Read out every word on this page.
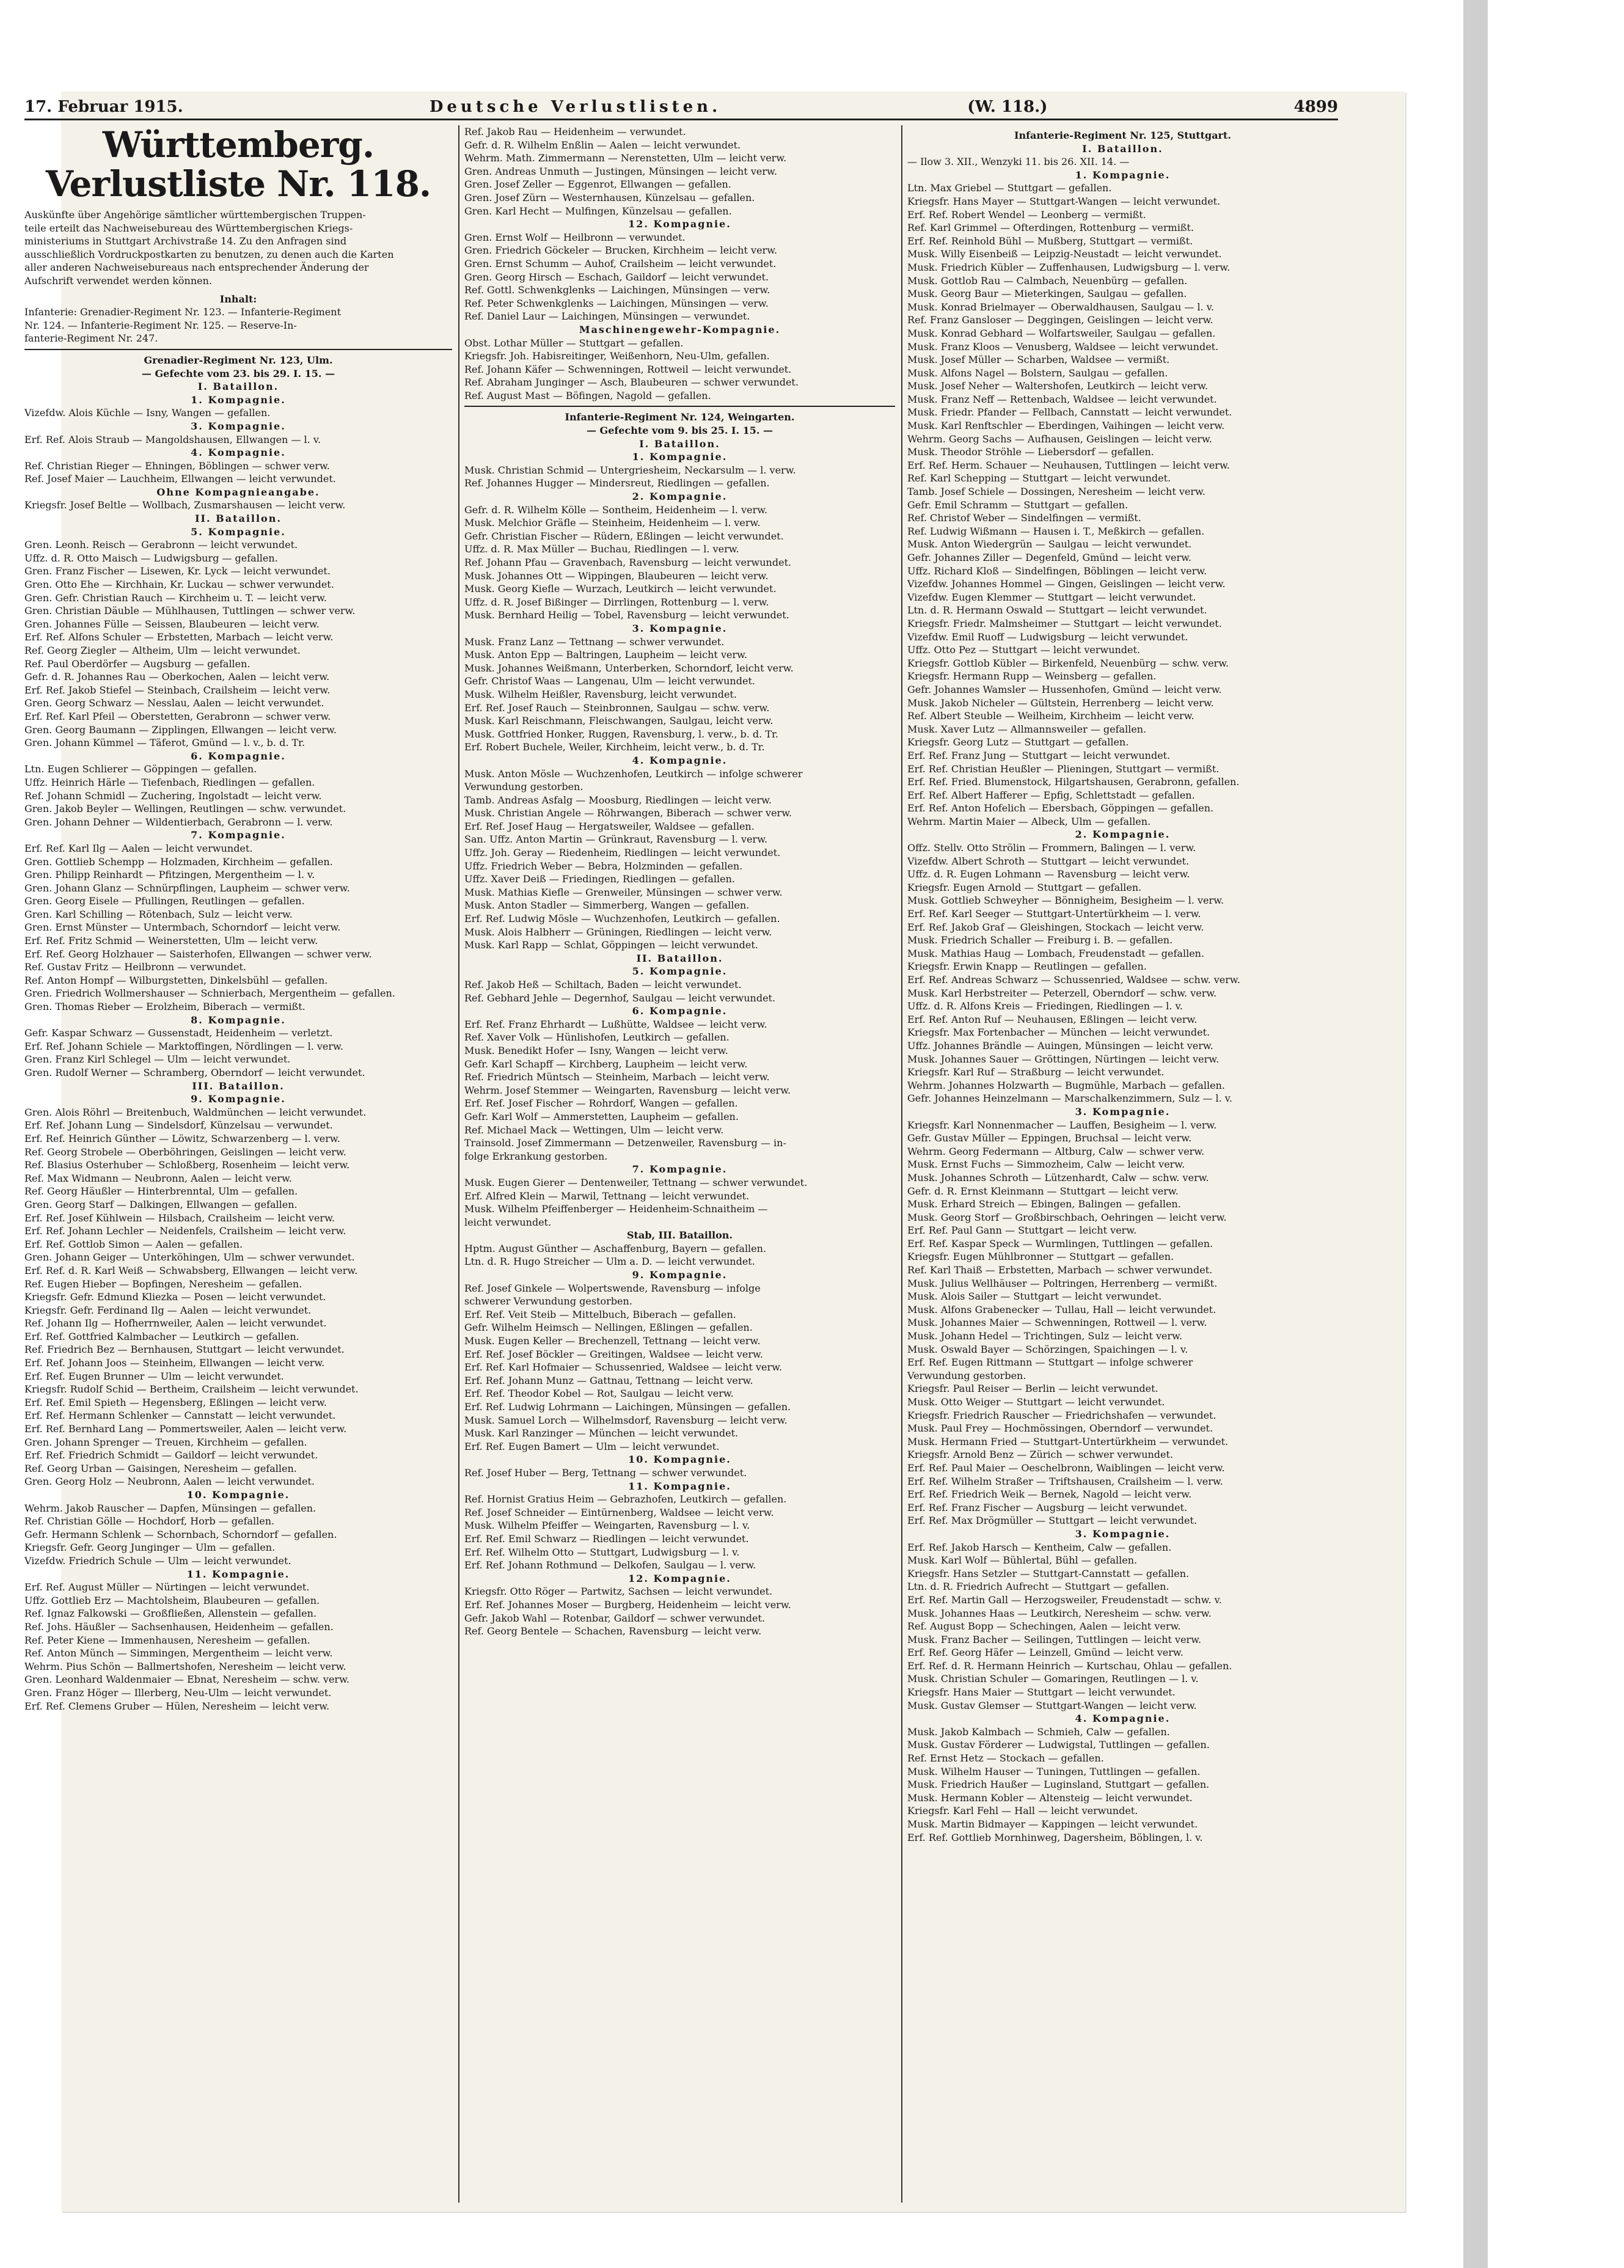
17. Februar 1915.	Deutsche Verlustlisten.	(W. 118.)	4899
Württemberg. Verlustliste Nr. 118.
Auskünfte über Angehörige sämtlicher württembergischen Truppen-
teile erteilt das Nachweisebureau des Württembergischen Kriegs-
ministeriums in Stuttgart Archivstraße 14. Zu den Anfragen sind
ausschließlich Vordruckpostkarten zu benutzen, zu denen auch die Karten
aller anderen Nachweisebureaus nach entsprechender Änderung der
Aufschrift verwendet werden können.
Inhalt:
Infanterie: Grenadier-Regiment Nr. 123. — Infanterie-Regiment
Nr. 124. — Infanterie-Regiment Nr. 125. — Reserve-In-
fanterie-Regiment Nr. 247.
Grenadier-Regiment Nr. 123, Ulm.
— Gefechte vom 23. bis 29. I. 15. —
I. Bataillon.
1. Kompagnie.
Vizefdw. Alois Küchle — Isny, Wangen — gefallen.
3. Kompagnie.
Erf. Ref. Alois Straub — Mangoldshausen, Ellwangen — l. v.
4. Kompagnie.
Ref. Christian Rieger — Ehningen, Böblingen — schwer verw.
Ref. Josef Maier — Lauchheim, Ellwangen — leicht verwundet.
Ohne Kompagnieangabe.
Kriegsfr. Josef Beltle — Wollbach, Zusmarshausen — leicht verw.
II. Bataillon.
5. Kompagnie.
Gren. Leonh. Reisch — Gerabronn — leicht verwundet.
Uffz. d. R. Otto Maisch — Ludwigsburg — gefallen.
Gren. Franz Fischer — Lisewen, Kr. Lyck — leicht verwundet.
Gren. Otto Ehe — Kirchhain, Kr. Luckau — schwer verwundet.
Gren. Gefr. Christian Rauch — Kirchheim u. T. — leicht verw.
Gren. Christian Däuble — Mühlhausen, Tuttlingen — schwer verw.
Gren. Johannes Fülle — Seissen, Blaubeuren — leicht verw.
Erf. Ref. Alfons Schuler — Erbstetten, Marbach — leicht verw.
Ref. Georg Ziegler — Altheim, Ulm — leicht verwundet.
Ref. Paul Oberdörfer — Augsburg — gefallen.
Gefr. d. R. Johannes Rau — Oberkochen, Aalen — leicht verw.
Erf. Ref. Jakob Stiefel — Steinbach, Crailsheim — leicht verw.
Gren. Georg Schwarz — Nesslau, Aalen — leicht verwundet.
Erf. Ref. Karl Pfeil — Oberstetten, Gerabronn — schwer verw.
Gren. Georg Baumann — Zipplingen, Ellwangen — leicht verw.
Gren. Johann Kümmel — Täferot, Gmünd — l. v., b. d. Tr.
6. Kompagnie.
Ltn. Eugen Schlierer — Göppingen — gefallen.
Uffz. Heinrich Härle — Tiefenbach, Riedlingen — gefallen.
Ref. Johann Schmidl — Zuchering, Ingolstadt — leicht verw.
Gren. Jakob Beyler — Wellingen, Reutlingen — schw. verwundet.
Gren. Johann Dehner — Wildentierbach, Gerabronn — l. verw.
7. Kompagnie.
Erf. Ref. Karl Ilg — Aalen — leicht verwundet.
Gren. Gottlieb Schempp — Holzmaden, Kirchheim — gefallen.
Gren. Philipp Reinhardt — Pfitzingen, Mergentheim — l. v.
Gren. Johann Glanz — Schnürpflingen, Laupheim — schwer verw.
Gren. Georg Eisele — Pfullingen, Reutlingen — gefallen.
Gren. Karl Schilling — Rötenbach, Sulz — leicht verw.
Gren. Ernst Münster — Untermbach, Schorndorf — leicht verw.
Erf. Ref. Fritz Schmid — Weinerstetten, Ulm — leicht verw.
Erf. Ref. Georg Holzhauer — Saisterhofen, Ellwangen — schwer verw.
Ref. Gustav Fritz — Heilbronn — verwundet.
Ref. Anton Hompf — Wilburgstetten, Dinkelsbühl — gefallen.
Gren. Friedrich Wollmershauser — Schnierbach, Mergentheim — gefallen.
Gren. Thomas Rieber — Erolzheim, Biberach — vermißt.
8. Kompagnie.
Gefr. Kaspar Schwarz — Gussenstadt, Heidenheim — verletzt.
Erf. Ref. Johann Schiele — Marktoffingen, Nördlingen — l. verw.
Gren. Franz Kirl Schlegel — Ulm — leicht verwundet.
Gren. Rudolf Werner — Schramberg, Oberndorf — leicht verwundet.
III. Bataillon.
9. Kompagnie.
Gren. Alois Röhrl — Breitenbuch, Waldmünchen — leicht verwundet.
Erf. Ref. Johann Lung — Sindelsdorf, Künzelsau — verwundet.
Erf. Ref. Heinrich Günther — Löwitz, Schwarzenberg — l. verw.
Ref. Georg Strobele — Oberböhringen, Geislingen — leicht verw.
Ref. Blasius Osterhuber — Schloßberg, Rosenheim — leicht verw.
Ref. Max Widmann — Neubronn, Aalen — leicht verw.
Ref. Georg Häußler — Hinterbrenntal, Ulm — gefallen.
Gren. Georg Starf — Dalkingen, Ellwangen — gefallen.
Erf. Ref. Josef Kühlwein — Hilsbach, Crailsheim — leicht verw.
Erf. Ref. Johann Lechler — Neidenfels, Crailsheim — leicht verw.
Erf. Ref. Gottlob Simon — Aalen — gefallen.
Gren. Johann Geiger — Unterköhingen, Ulm — schwer verwundet.
Erf. Ref. d. R. Karl Weiß — Schwabsberg, Ellwangen — leicht verw.
Ref. Eugen Hieber — Bopfingen, Neresheim — gefallen.
Kriegsfr. Gefr. Edmund Kliezka — Posen — leicht verwundet.
Kriegsfr. Gefr. Ferdinand Ilg — Aalen — leicht verwundet.
Ref. Johann Ilg — Hofherrnweiler, Aalen — leicht verwundet.
Erf. Ref. Gottfried Kalmbacher — Leutkirch — gefallen.
Ref. Friedrich Bez — Bernhausen, Stuttgart — leicht verwundet.
Erf. Ref. Johann Joos — Steinheim, Ellwangen — leicht verw.
Erf. Ref. Eugen Brunner — Ulm — leicht verwundet.
Kriegsfr. Rudolf Schid — Bertheim, Crailsheim — leicht verwundet.
Erf. Ref. Emil Spieth — Hegensberg, Eßlingen — leicht verw.
Erf. Ref. Hermann Schlenker — Cannstatt — leicht verwundet.
Erf. Ref. Bernhard Lang — Pommertsweiler, Aalen — leicht verw.
Gren. Johann Sprenger — Treuen, Kirchheim — gefallen.
Erf. Ref. Friedrich Schmidt — Gaildorf — leicht verwundet.
Ref. Georg Urban — Gaisingen, Neresheim — gefallen.
Gren. Georg Holz — Neubronn, Aalen — leicht verwundet.
10. Kompagnie.
Wehrm. Jakob Rauscher — Dapfen, Münsingen — gefallen.
Ref. Christian Gölle — Hochdorf, Horb — gefallen.
Gefr. Hermann Schlenk — Schornbach, Schorndorf — gefallen.
Kriegsfr. Gefr. Georg Junginger — Ulm — gefallen.
Vizefdw. Friedrich Schule — Ulm — leicht verwundet.
11. Kompagnie.
Erf. Ref. August Müller — Nürtingen — leicht verwundet.
Uffz. Gottlieb Erz — Machtolsheim, Blaubeuren — gefallen.
Ref. Ignaz Falkowski — Großfließen, Allenstein — gefallen.
Ref. Johs. Häußler — Sachsenhausen, Heidenheim — gefallen.
Ref. Peter Kiene — Immenhausen, Neresheim — gefallen.
Ref. Anton Münch — Simmingen, Mergentheim — leicht verw.
Wehrm. Pius Schön — Ballmertshofen, Neresheim — leicht verw.
Gren. Leonhard Waldenmaier — Ebnat, Neresheim — schw. verw.
Gren. Franz Höger — Illerberg, Neu-Ulm — leicht verwundet.
Erf. Ref. Clemens Gruber — Hülen, Neresheim — leicht verw.
Ref. Jakob Rau — Heidenheim — verwundet.
Gefr. d. R. Wilhelm Enßlin — Aalen — leicht verwundet.
Wehrm. Math. Zimmermann — Nerenstetten, Ulm — leicht verw.
Gren. Andreas Unmuth — Justingen, Münsingen — leicht verw.
Gren. Josef Zeller — Eggenrot, Ellwangen — gefallen.
Gren. Josef Zürn — Westernhausen, Künzelsau — gefallen.
Gren. Karl Hecht — Mulfingen, Künzelsau — gefallen.
12. Kompagnie.
Gren. Ernst Wolf — Heilbronn — verwundet.
Gren. Friedrich Göckeler — Brucken, Kirchheim — leicht verw.
Gren. Ernst Schumm — Auhof, Crailsheim — leicht verwundet.
Gren. Georg Hirsch — Eschach, Gaildorf — leicht verwundet.
Ref. Gottl. Schwenkglenks — Laichingen, Münsingen — verw.
Ref. Peter Schwenkglenks — Laichingen, Münsingen — verw.
Ref. Daniel Laur — Laichingen, Münsingen — verwundet.
Maschinengewehr-Kompagnie.
Obst. Lothar Müller — Stuttgart — gefallen.
Kriegsfr. Joh. Habisreitinger, Weißenhorn, Neu-Ulm, gefallen.
Ref. Johann Käfer — Schwenningen, Rottweil — leicht verwundet.
Ref. Abraham Junginger — Asch, Blaubeuren — schwer verwundet.
Ref. August Mast — Böfingen, Nagold — gefallen.
Infanterie-Regiment Nr. 124, Weingarten.
— Gefechte vom 9. bis 25. I. 15. —
I. Bataillon.
1. Kompagnie.
Musk. Christian Schmid — Untergriesheim, Neckarsulm — l. verw.
Ref. Johannes Hugger — Mindersreut, Riedlingen — gefallen.
2. Kompagnie.
Gefr. d. R. Wilhelm Kölle — Sontheim, Heidenheim — l. verw.
Musk. Melchior Gräfle — Steinheim, Heidenheim — l. verw.
Gefr. Christian Fischer — Rüdern, Eßlingen — leicht verwundet.
Uffz. d. R. Max Müller — Buchau, Riedlingen — l. verw.
Ref. Johann Pfau — Gravenbach, Ravensburg — leicht verwundet.
Musk. Johannes Ott — Wippingen, Blaubeuren — leicht verw.
Musk. Georg Kiefle — Wurzach, Leutkirch — leicht verwundet.
Uffz. d. R. Josef Bißinger — Dirrlingen, Rottenburg — l. verw.
Musk. Bernhard Heilig — Tobel, Ravensburg — leicht verwundet.
3. Kompagnie.
Musk. Franz Lanz — Tettnang — schwer verwundet.
Musk. Anton Epp — Baltringen, Laupheim — leicht verw.
Musk. Johannes Weißmann, Unterberken, Schorndorf, leicht verw.
Gefr. Christof Waas — Langenau, Ulm — leicht verwundet.
Musk. Wilhelm Heißler, Ravensburg, leicht verwundet.
Erf. Ref. Josef Rauch — Steinbronnen, Saulgau — schw. verw.
Musk. Karl Reischmann, Fleischwangen, Saulgau, leicht verw.
Musk. Gottfried Honker, Ruggen, Ravensburg, l. verw., b. d. Tr.
Erf. Robert Buchele, Weiler, Kirchheim, leicht verw., b. d. Tr.
4. Kompagnie.
Musk. Anton Mösle — Wuchzenhofen, Leutkirch — infolge schwerer
Verwundung gestorben.
Tamb. Andreas Asfalg — Moosburg, Riedlingen — leicht verw.
Musk. Christian Angele — Röhrwangen, Biberach — schwer verw.
Erf. Ref. Josef Haug — Hergatsweiler, Waldsee — gefallen.
San. Uffz. Anton Martin — Grünkraut, Ravensburg — l. verw.
Uffz. Joh. Geray — Riedenheim, Riedlingen — leicht verwundet.
Uffz. Friedrich Weber — Bebra, Holzminden — gefallen.
Uffz. Xaver Deiß — Friedingen, Riedlingen — gefallen.
Musk. Mathias Kiefle — Grenweiler, Münsingen — schwer verw.
Musk. Anton Stadler — Simmerberg, Wangen — gefallen.
Erf. Ref. Ludwig Mösle — Wuchzenhofen, Leutkirch — gefallen.
Musk. Alois Halbherr — Grüningen, Riedlingen — leicht verw.
Musk. Karl Rapp — Schlat, Göppingen — leicht verwundet.
II. Bataillon.
5. Kompagnie.
Ref. Jakob Heß — Schiltach, Baden — leicht verwundet.
Ref. Gebhard Jehle — Degernhof, Saulgau — leicht verwundet.
6. Kompagnie.
Erf. Ref. Franz Ehrhardt — Lußhütte, Waldsee — leicht verw.
Ref. Xaver Volk — Hünlishofen, Leutkirch — gefallen.
Musk. Benedikt Hofer — Isny, Wangen — leicht verw.
Gefr. Karl Schapff — Kirchberg, Laupheim — leicht verw.
Ref. Friedrich Müntsch — Steinheim, Marbach — leicht verw.
Wehrm. Josef Stemmer — Weingarten, Ravensburg — leicht verw.
Erf. Ref. Josef Fischer — Rohrdorf, Wangen — gefallen.
Gefr. Karl Wolf — Ammerstetten, Laupheim — gefallen.
Ref. Michael Mack — Wettingen, Ulm — leicht verw.
Trainsold. Josef Zimmermann — Detzenweiler, Ravensburg — in-
folge Erkrankung gestorben.
7. Kompagnie.
Musk. Eugen Gierer — Dentenweiler, Tettnang — schwer verwundet.
Erf. Alfred Klein — Marwil, Tettnang — leicht verwundet.
Musk. Wilhelm Pfeiffenberger — Heidenheim-Schnaitheim —
leicht verwundet.
Stab, III. Bataillon.
Hptm. August Günther — Aschaffenburg, Bayern — gefallen.
Ltn. d. R. Hugo Streicher — Ulm a. D. — leicht verwundet.
9. Kompagnie.
Ref. Josef Ginkele — Wolpertswende, Ravensburg — infolge
schwerer Verwundung gestorben.
Erf. Ref. Veit Steib — Mittelbuch, Biberach — gefallen.
Gefr. Wilhelm Heimsch — Nellingen, Eßlingen — gefallen.
Musk. Eugen Keller — Brechenzell, Tettnang — leicht verw.
Erf. Ref. Josef Böckler — Greitingen, Waldsee — leicht verw.
Erf. Ref. Karl Hofmaier — Schussenried, Waldsee — leicht verw.
Erf. Ref. Johann Munz — Gattnau, Tettnang — leicht verw.
Erf. Ref. Theodor Kobel — Rot, Saulgau — leicht verw.
Erf. Ref. Ludwig Lohrmann — Laichingen, Münsingen — gefallen.
Musk. Samuel Lorch — Wilhelmsdorf, Ravensburg — leicht verw.
Musk. Karl Ranzinger — München — leicht verwundet.
Erf. Ref. Eugen Bamert — Ulm — leicht verwundet.
10. Kompagnie.
Ref. Josef Huber — Berg, Tettnang — schwer verwundet.
11. Kompagnie.
Ref. Hornist Gratius Heim — Gebrazhofen, Leutkirch — gefallen.
Ref. Josef Schneider — Eintürnenberg, Waldsee — leicht verw.
Musk. Wilhelm Pfeiffer — Weingarten, Ravensburg — l. v.
Erf. Ref. Emil Schwarz — Riedlingen — leicht verwundet.
Erf. Ref. Wilhelm Otto — Stuttgart, Ludwigsburg — l. v.
Erf. Ref. Johann Rothmund — Delkofen, Saulgau — l. verw.
12. Kompagnie.
Kriegsfr. Otto Röger — Partwitz, Sachsen — leicht verwundet.
Erf. Ref. Johannes Moser — Burgberg, Heidenheim — leicht verw.
Gefr. Jakob Wahl — Rotenbar, Gaildorf — schwer verwundet.
Ref. Georg Bentele — Schachen, Ravensburg — leicht verw.
Infanterie-Regiment Nr. 125, Stuttgart.
I. Bataillon.
— Ilow 3. XII., Wenzyki 11. bis 26. XII. 14. —
1. Kompagnie.
Ltn. Max Griebel — Stuttgart — gefallen.
Kriegsfr. Hans Mayer — Stuttgart-Wangen — leicht verwundet.
Erf. Ref. Robert Wendel — Leonberg — vermißt.
Ref. Karl Grimmel — Ofterdingen, Rottenburg — vermißt.
Erf. Ref. Reinhold Bühl — Mußberg, Stuttgart — vermißt.
Musk. Willy Eisenbeiß — Leipzig-Neustadt — leicht verwundet.
Musk. Friedrich Kübler — Zuffenhausen, Ludwigsburg — l. verw.
Musk. Gottlob Rau — Calmbach, Neuenbürg — gefallen.
Musk. Georg Baur — Mieterkingen, Saulgau — gefallen.
Musk. Konrad Brielmayer — Oberwaldhausen, Saulgau — l. v.
Ref. Franz Gansloser — Deggingen, Geislingen — leicht verw.
Musk. Konrad Gebhard — Wolfartsweiler, Saulgau — gefallen.
Musk. Franz Kloos — Venusberg, Waldsee — leicht verwundet.
Musk. Josef Müller — Scharben, Waldsee — vermißt.
Musk. Alfons Nagel — Bolstern, Saulgau — gefallen.
Musk. Josef Neher — Waltershofen, Leutkirch — leicht verw.
Musk. Franz Neff — Rettenbach, Waldsee — leicht verwundet.
Musk. Friedr. Pfander — Fellbach, Cannstatt — leicht verwundet.
Musk. Karl Renftschler — Eberdingen, Vaihingen — leicht verw.
Wehrm. Georg Sachs — Aufhausen, Geislingen — leicht verw.
Musk. Theodor Ströhle — Liebersdorf — gefallen.
Erf. Ref. Herm. Schauer — Neuhausen, Tuttlingen — leicht verw.
Ref. Karl Schepping — Stuttgart — leicht verwundet.
Tamb. Josef Schiele — Dossingen, Neresheim — leicht verw.
Gefr. Emil Schramm — Stuttgart — gefallen.
Ref. Christof Weber — Sindelfingen — vermißt.
Ref. Ludwig Wißmann — Hausen i. T., Meßkirch — gefallen.
Musk. Anton Wiedergrün — Saulgau — leicht verwundet.
Gefr. Johannes Ziller — Degenfeld, Gmünd — leicht verw.
Uffz. Richard Kloß — Sindelfingen, Böblingen — leicht verw.
Vizefdw. Johannes Hommel — Gingen, Geislingen — leicht verw.
Vizefdw. Eugen Klemmer — Stuttgart — leicht verwundet.
Ltn. d. R. Hermann Oswald — Stuttgart — leicht verwundet.
Kriegsfr. Friedr. Malmsheimer — Stuttgart — leicht verwundet.
Vizefdw. Emil Ruoff — Ludwigsburg — leicht verwundet.
Uffz. Otto Pez — Stuttgart — leicht verwundet.
Kriegsfr. Gottlob Kübler — Birkenfeld, Neuenbürg — schw. verw.
Kriegsfr. Hermann Rupp — Weinsberg — gefallen.
Gefr. Johannes Wamsler — Hussenhofen, Gmünd — leicht verw.
Musk. Jakob Nicheler — Gültstein, Herrenberg — leicht verw.
Ref. Albert Steuble — Weilheim, Kirchheim — leicht verw.
Musk. Xaver Lutz — Allmannsweiler — gefallen.
Kriegsfr. Georg Lutz — Stuttgart — gefallen.
Erf. Ref. Franz Jung — Stuttgart — leicht verwundet.
Erf. Ref. Christian Heußler — Plieningen, Stuttgart — vermißt.
Erf. Ref. Fried. Blumenstock, Hilgartshausen, Gerabronn, gefallen.
Erf. Ref. Albert Hafferer — Epfig, Schlettstadt — gefallen.
Erf. Ref. Anton Hofelich — Ebersbach, Göppingen — gefallen.
Wehrm. Martin Maier — Albeck, Ulm — gefallen.
2. Kompagnie.
Offz. Stellv. Otto Strölin — Frommern, Balingen — l. verw.
Vizefdw. Albert Schroth — Stuttgart — leicht verwundet.
Uffz. d. R. Eugen Lohmann — Ravensburg — leicht verw.
Kriegsfr. Eugen Arnold — Stuttgart — gefallen.
Musk. Gottlieb Schweyher — Bönnigheim, Besigheim — l. verw.
Erf. Ref. Karl Seeger — Stuttgart-Untertürkheim — l. verw.
Erf. Ref. Jakob Graf — Gleishingen, Stockach — leicht verw.
Musk. Friedrich Schaller — Freiburg i. B. — gefallen.
Musk. Mathias Haug — Lombach, Freudenstadt — gefallen.
Kriegsfr. Erwin Knapp — Reutlingen — gefallen.
Erf. Ref. Andreas Schwarz — Schussenried, Waldsee — schw. verw.
Musk. Karl Herbstreiter — Peterzell, Oberndorf — schw. verw.
Uffz. d. R. Alfons Kreis — Friedingen, Riedlingen — l. v.
Erf. Ref. Anton Ruf — Neuhausen, Eßlingen — leicht verw.
Kriegsfr. Max Fortenbacher — München — leicht verwundet.
Uffz. Johannes Brändle — Auingen, Münsingen — leicht verw.
Musk. Johannes Sauer — Gröttingen, Nürtingen — leicht verw.
Kriegsfr. Karl Ruf — Straßburg — leicht verwundet.
Wehrm. Johannes Holzwarth — Bugmühle, Marbach — gefallen.
Gefr. Johannes Heinzelmann — Marschalkenzimmern, Sulz — l. v.
3. Kompagnie.
Kriegsfr. Karl Nonnenmacher — Lauffen, Besigheim — l. verw.
Gefr. Gustav Müller — Eppingen, Bruchsal — leicht verw.
Wehrm. Georg Federmann — Altburg, Calw — schwer verw.
Musk. Ernst Fuchs — Simmozheim, Calw — leicht verw.
Musk. Johannes Schroth — Lützenhardt, Calw — schw. verw.
Gefr. d. R. Ernst Kleinmann — Stuttgart — leicht verw.
Musk. Erhard Streich — Ebingen, Balingen — gefallen.
Musk. Georg Storf — Großbirschbach, Oehringen — leicht verw.
Erf. Ref. Paul Gann — Stuttgart — leicht verw.
Erf. Ref. Kaspar Speck — Wurmlingen, Tuttlingen — gefallen.
Kriegsfr. Eugen Mühlbronner — Stuttgart — gefallen.
Ref. Karl Thaiß — Erbstetten, Marbach — schwer verwundet.
Musk. Julius Wellhäuser — Poltringen, Herrenberg — vermißt.
Musk. Alois Sailer — Stuttgart — leicht verwundet.
Musk. Alfons Grabenecker — Tullau, Hall — leicht verwundet.
Musk. Johannes Maier — Schwenningen, Rottweil — l. verw.
Musk. Johann Hedel — Trichtingen, Sulz — leicht verw.
Musk. Oswald Bayer — Schörzingen, Spaichingen — l. v.
Erf. Ref. Eugen Rittmann — Stuttgart — infolge schwerer
Verwundung gestorben.
Kriegsfr. Paul Reiser — Berlin — leicht verwundet.
Musk. Otto Weiger — Stuttgart — leicht verwundet.
Kriegsfr. Friedrich Rauscher — Friedrichshafen — verwundet.
Musk. Paul Frey — Hochmössingen, Oberndorf — verwundet.
Musk. Hermann Fried — Stuttgart-Untertürkheim — verwundet.
Kriegsfr. Arnold Benz — Zürich — schwer verwundet.
Erf. Ref. Paul Maier — Oeschelbronn, Waiblingen — leicht verw.
Erf. Ref. Wilhelm Straßer — Triftshausen, Crailsheim — l. verw.
Erf. Ref. Friedrich Weik — Bernek, Nagold — leicht verw.
Erf. Ref. Franz Fischer — Augsburg — leicht verwundet.
Erf. Ref. Max Drögmüller — Stuttgart — leicht verwundet.
3. Kompagnie.
Erf. Ref. Jakob Harsch — Kentheim, Calw — gefallen.
Musk. Karl Wolf — Bühlertal, Bühl — gefallen.
Kriegsfr. Hans Setzler — Stuttgart-Cannstatt — gefallen.
Ltn. d. R. Friedrich Aufrecht — Stuttgart — gefallen.
Erf. Ref. Martin Gall — Herzogsweiler, Freudenstadt — schw. v.
Musk. Johannes Haas — Leutkirch, Neresheim — schw. verw.
Ref. August Bopp — Schechingen, Aalen — leicht verw.
Musk. Franz Bacher — Seilingen, Tuttlingen — leicht verw.
Erf. Ref. Georg Häfer — Leinzell, Gmünd — leicht verw.
Erf. Ref. d. R. Hermann Heinrich — Kurtschau, Ohlau — gefallen.
Musk. Christian Schuler — Gomaringen, Reutlingen — l. v.
Kriegsfr. Hans Maier — Stuttgart — leicht verwundet.
Musk. Gustav Glemser — Stuttgart-Wangen — leicht verw.
4. Kompagnie.
Musk. Jakob Kalmbach — Schmieh, Calw — gefallen.
Musk. Gustav Förderer — Ludwigstal, Tuttlingen — gefallen.
Ref. Ernst Hetz — Stockach — gefallen.
Musk. Wilhelm Hauser — Tuningen, Tuttlingen — gefallen.
Musk. Friedrich Haußer — Luginsland, Stuttgart — gefallen.
Musk. Hermann Kobler — Altensteig — leicht verwundet.
Kriegsfr. Karl Fehl — Hall — leicht verwundet.
Musk. Martin Bidmayer — Kappingen — leicht verwundet.
Erf. Ref. Gottlieb Mornhinweg, Dagersheim, Böblingen, l. v.
